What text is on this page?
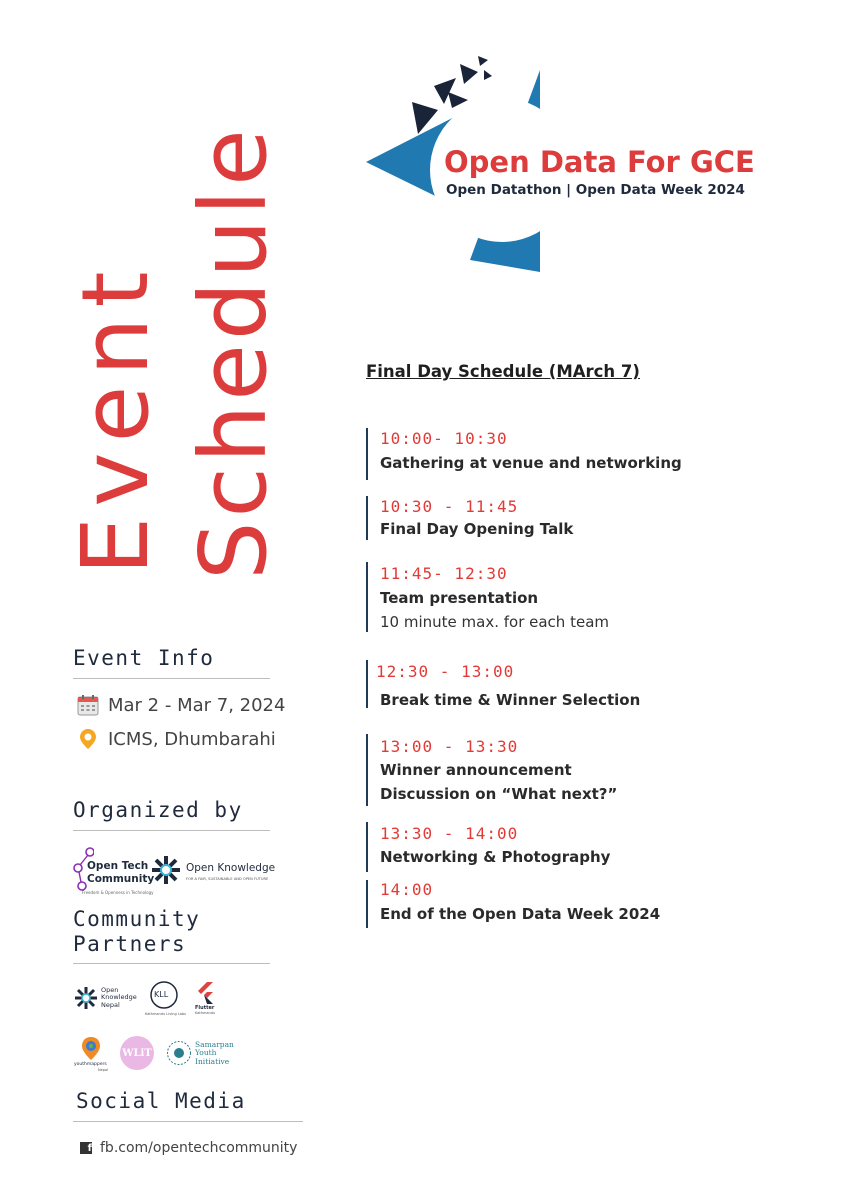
Event Schedule	Open Data For GCE
Open Datathon | Open Data Week 2024
Final Day Schedule (MArch 7)
10:00- 10:30
Gathering at venue and networking
10:30 - 11:45
Final Day Opening Talk
11:45- 12:30
Team presentation
10 minute max. for each team
12:30 - 13:00
Break time & Winner Selection
13:00 - 13:30
Winner announcement
Discussion on “What next?”
13:30 - 14:00
Networking & Photography
14:00
End of the Open Data Week 2024
Event Info
Mar 2 - Mar 7, 2024
ICMS, Dhumbarahi
Organized by
Open Tech
Community
Freedom & Openness in Technology
Open Knowledge
FOR A FAIR, SUSTAINABLE AND OPEN FUTURE
Community
Partners
Open
Knowledge
Nepal
KLL
Kathmandu Living Labs
Flutter
Kathmandu
youthmappers
Nepal
WLiT
Samarpan
Youth
Initiative
Social Media
f fb.com/opentechcommunity
